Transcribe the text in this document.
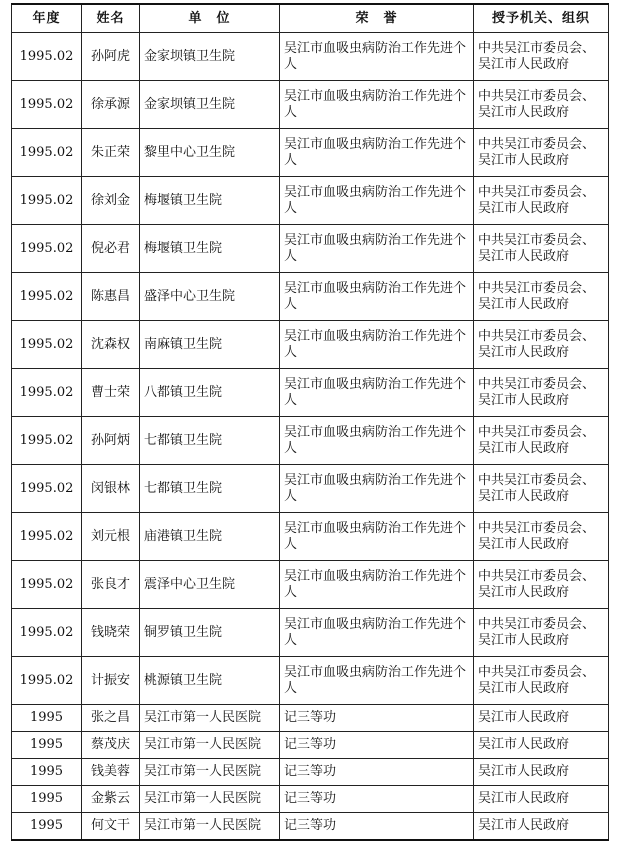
年度	姓名	单　位	荣　誉	授予机关、组织
1995.02	孙阿虎	金家坝镇卫生院	吴江市血吸虫病防治工作先进个人	中共吴江市委员会、吴江市人民政府
1995.02	徐承源	金家坝镇卫生院	吴江市血吸虫病防治工作先进个人	中共吴江市委员会、吴江市人民政府
1995.02	朱正荣	黎里中心卫生院	吴江市血吸虫病防治工作先进个人	中共吴江市委员会、吴江市人民政府
1995.02	徐刘金	梅堰镇卫生院	吴江市血吸虫病防治工作先进个人	中共吴江市委员会、吴江市人民政府
1995.02	倪必君	梅堰镇卫生院	吴江市血吸虫病防治工作先进个人	中共吴江市委员会、吴江市人民政府
1995.02	陈惠昌	盛泽中心卫生院	吴江市血吸虫病防治工作先进个人	中共吴江市委员会、吴江市人民政府
1995.02	沈森权	南麻镇卫生院	吴江市血吸虫病防治工作先进个人	中共吴江市委员会、吴江市人民政府
1995.02	曹士荣	八都镇卫生院	吴江市血吸虫病防治工作先进个人	中共吴江市委员会、吴江市人民政府
1995.02	孙阿炳	七都镇卫生院	吴江市血吸虫病防治工作先进个人	中共吴江市委员会、吴江市人民政府
1995.02	闵银林	七都镇卫生院	吴江市血吸虫病防治工作先进个人	中共吴江市委员会、吴江市人民政府
1995.02	刘元根	庙港镇卫生院	吴江市血吸虫病防治工作先进个人	中共吴江市委员会、吴江市人民政府
1995.02	张良才	震泽中心卫生院	吴江市血吸虫病防治工作先进个人	中共吴江市委员会、吴江市人民政府
1995.02	钱晓荣	铜罗镇卫生院	吴江市血吸虫病防治工作先进个人	中共吴江市委员会、吴江市人民政府
1995.02	计振安	桃源镇卫生院	吴江市血吸虫病防治工作先进个人	中共吴江市委员会、吴江市人民政府
1995	张之昌	吴江市第一人民医院	记三等功	吴江市人民政府
1995	蔡茂庆	吴江市第一人民医院	记三等功	吴江市人民政府
1995	钱美蓉	吴江市第一人民医院	记三等功	吴江市人民政府
1995	金紫云	吴江市第一人民医院	记三等功	吴江市人民政府
1995	何文干	吴江市第一人民医院	记三等功	吴江市人民政府
